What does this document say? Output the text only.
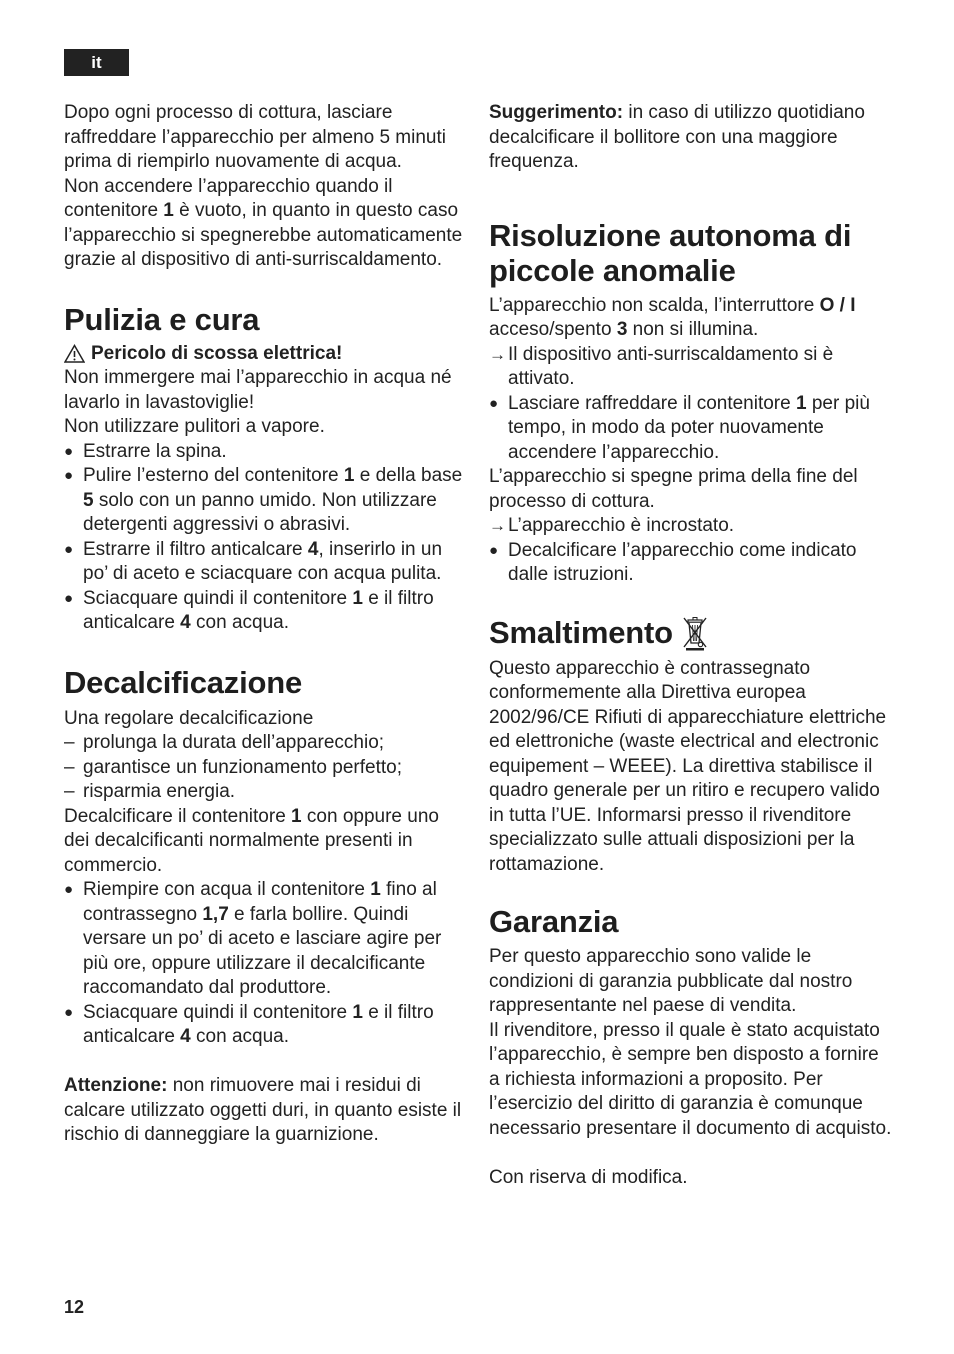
it

Dopo ogni processo di cottura, lasciare raffreddare l’apparecchio per almeno 5 minuti prima di riempirlo nuovamente di acqua.

Non accendere l’apparecchio quando il contenitore 1 è vuoto, in quanto in questo caso l’apparecchio si spegnerebbe automaticamente grazie al dispositivo di anti-surriscaldamento.

Pulizia e cura

Pericolo di scossa elettrica!

Non immergere mai l’apparecchio in acqua né lavarlo in lavastoviglie!

Non utilizzare pulitori a vapore.

● Estrarre la spina.
● Pulire l’esterno del contenitore 1 e della base 5 solo con un panno umido. Non utilizzare detergenti aggressivi o abrasivi.
● Estrarre il filtro anticalcare 4, inserirlo in un po’ di aceto e sciacquare con acqua pulita.
● Sciacquare quindi il contenitore 1 e il filtro anticalcare 4 con acqua.
Decalcificazione

Una regolare decalcificazione

– prolunga la durata dell’apparecchio;
– garantisce un funzionamento perfetto;
– risparmia energia.

Decalcificare il contenitore 1 con oppure uno dei decalcificanti normalmente presenti in commercio.

● Riempire con acqua il contenitore 1 fino al contrassegno 1,7 e farla bollire. Quindi versare un po’ di aceto e lasciare agire per più ore, oppure utilizzare il decalcificante raccomandato dal produttore.
● Sciacquare quindi il contenitore 1 e il filtro anticalcare 4 con acqua.

Attenzione: non rimuovere mai i residui di calcare utilizzato oggetti duri, in quanto esiste il rischio di danneggiare la guarnizione.

Suggerimento: in caso di utilizzo quotidiano decalcificare il bollitore con una maggiore frequenza.

Risoluzione autonoma di piccole anomalie

L’apparecchio non scalda, l’interruttore O / I acceso/spento 3 non si illumina.

→ Il dispositivo anti-surriscaldamento si è attivato.
● Lasciare raffreddare il contenitore 1 per più tempo, in modo da poter nuovamente accendere l’apparecchio.

L’apparecchio si spegne prima della fine del processo di cottura.

→ L’apparecchio è incrostato.
● Decalcificare l’apparecchio come indicato dalle istruzioni.
Smaltimento

Questo apparecchio è contrassegnato conformemente alla Direttiva europea 2002/96/CE Rifiuti di apparecchiature elettriche ed elettroniche (waste electrical and electronic equipement – WEEE). La direttiva stabilisce il quadro generale per un ritiro e recupero valido in tutta l’UE. Informarsi presso il rivenditore specializzato sulle attuali disposizioni per la rottamazione.

Garanzia

Per questo apparecchio sono valide le condizioni di garanzia pubblicate dal nostro rappresentante nel paese di vendita.

Il rivenditore, presso il quale è stato acquistato l’apparecchio, è sempre ben disposto a fornire a richiesta informazioni a proposito. Per l’esercizio del diritto di garanzia è comunque necessario presentare il documento di acquisto.

Con riserva di modifica.

12
